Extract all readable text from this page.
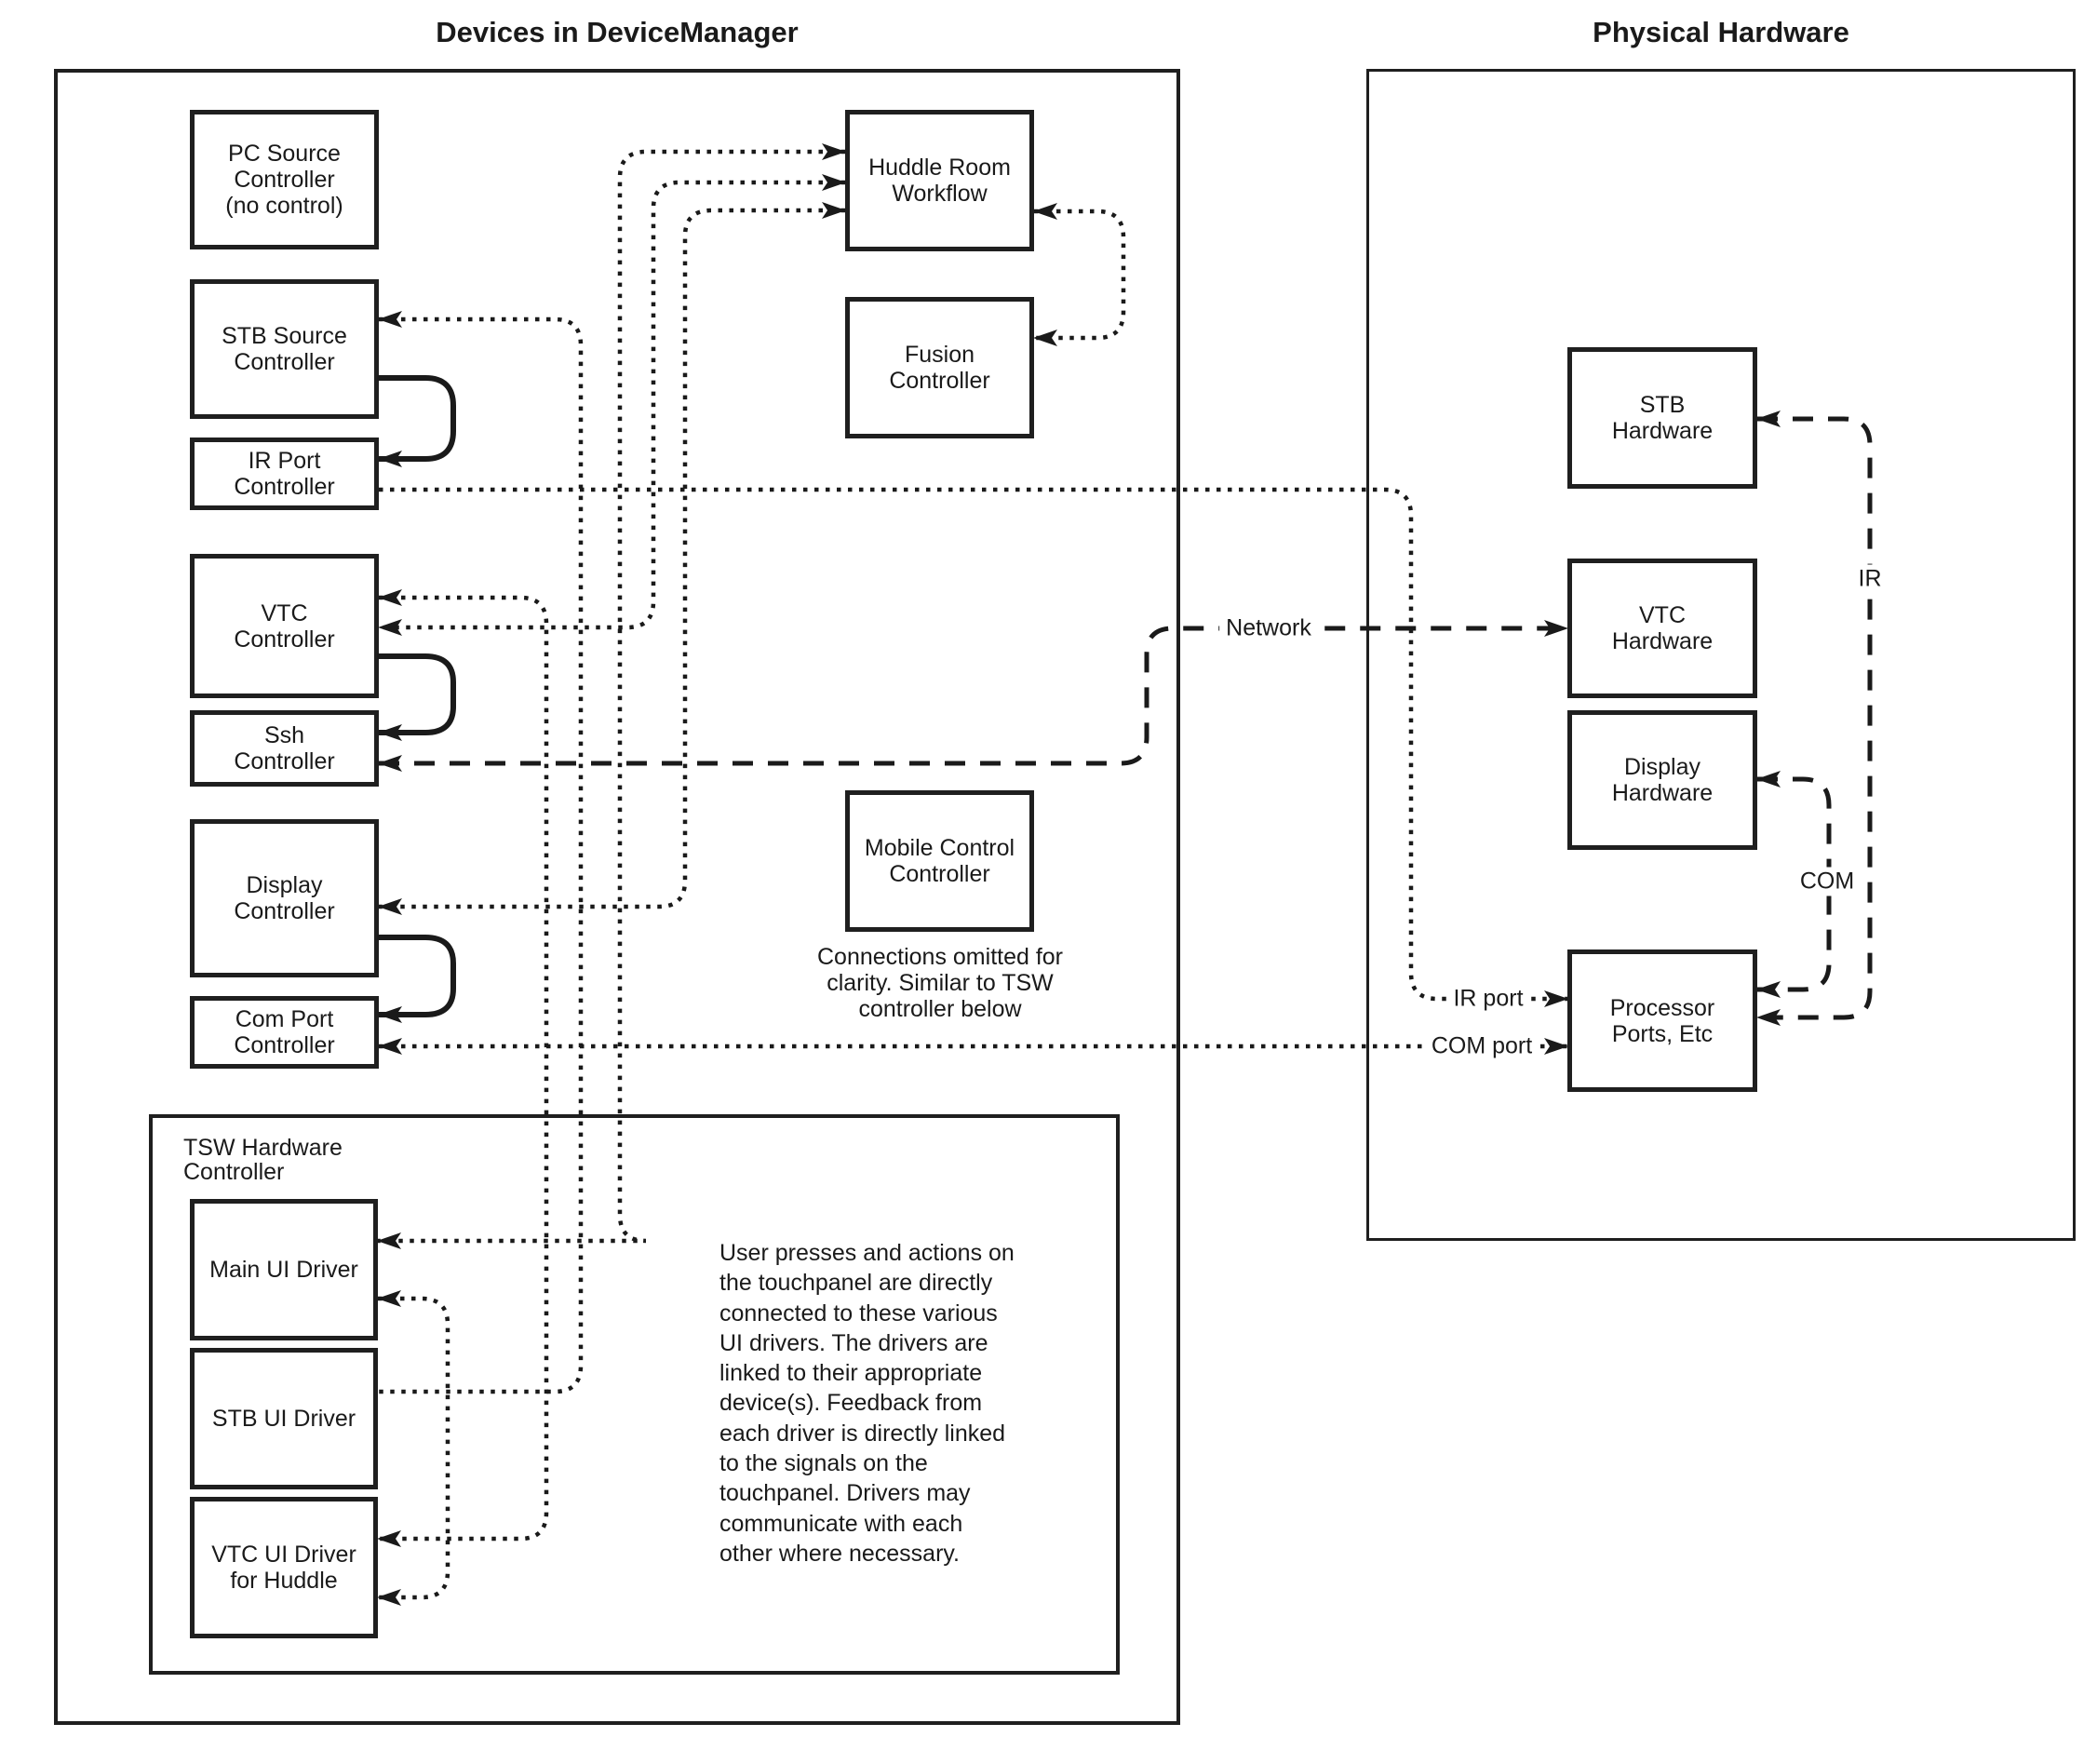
Devices in DeviceManager	Physical Hardware
PC Source
Controller
(no control)
STB Source
Controller
IR Port
Controller
VTC
Controller
Ssh
Controller
Display
Controller
Com Port
Controller
Huddle Room
Workflow
Fusion
Controller
Mobile Control
Controller
Connections omitted for
clarity. Similar to TSW
controller below
TSW Hardware
Controller
Main UI Driver
STB UI Driver
VTC UI Driver
for Huddle
User presses and actions on
the touchpanel are directly
connected to these various
UI drivers. The drivers are
linked to their appropriate
device(s). Feedback from
each driver is directly linked
to the signals on the
touchpanel. Drivers may
communicate with each
other where necessary.
STB
Hardware
VTC
Hardware
Display
Hardware
Processor
Ports, Etc
Network
IR
COM
IR port
COM port
